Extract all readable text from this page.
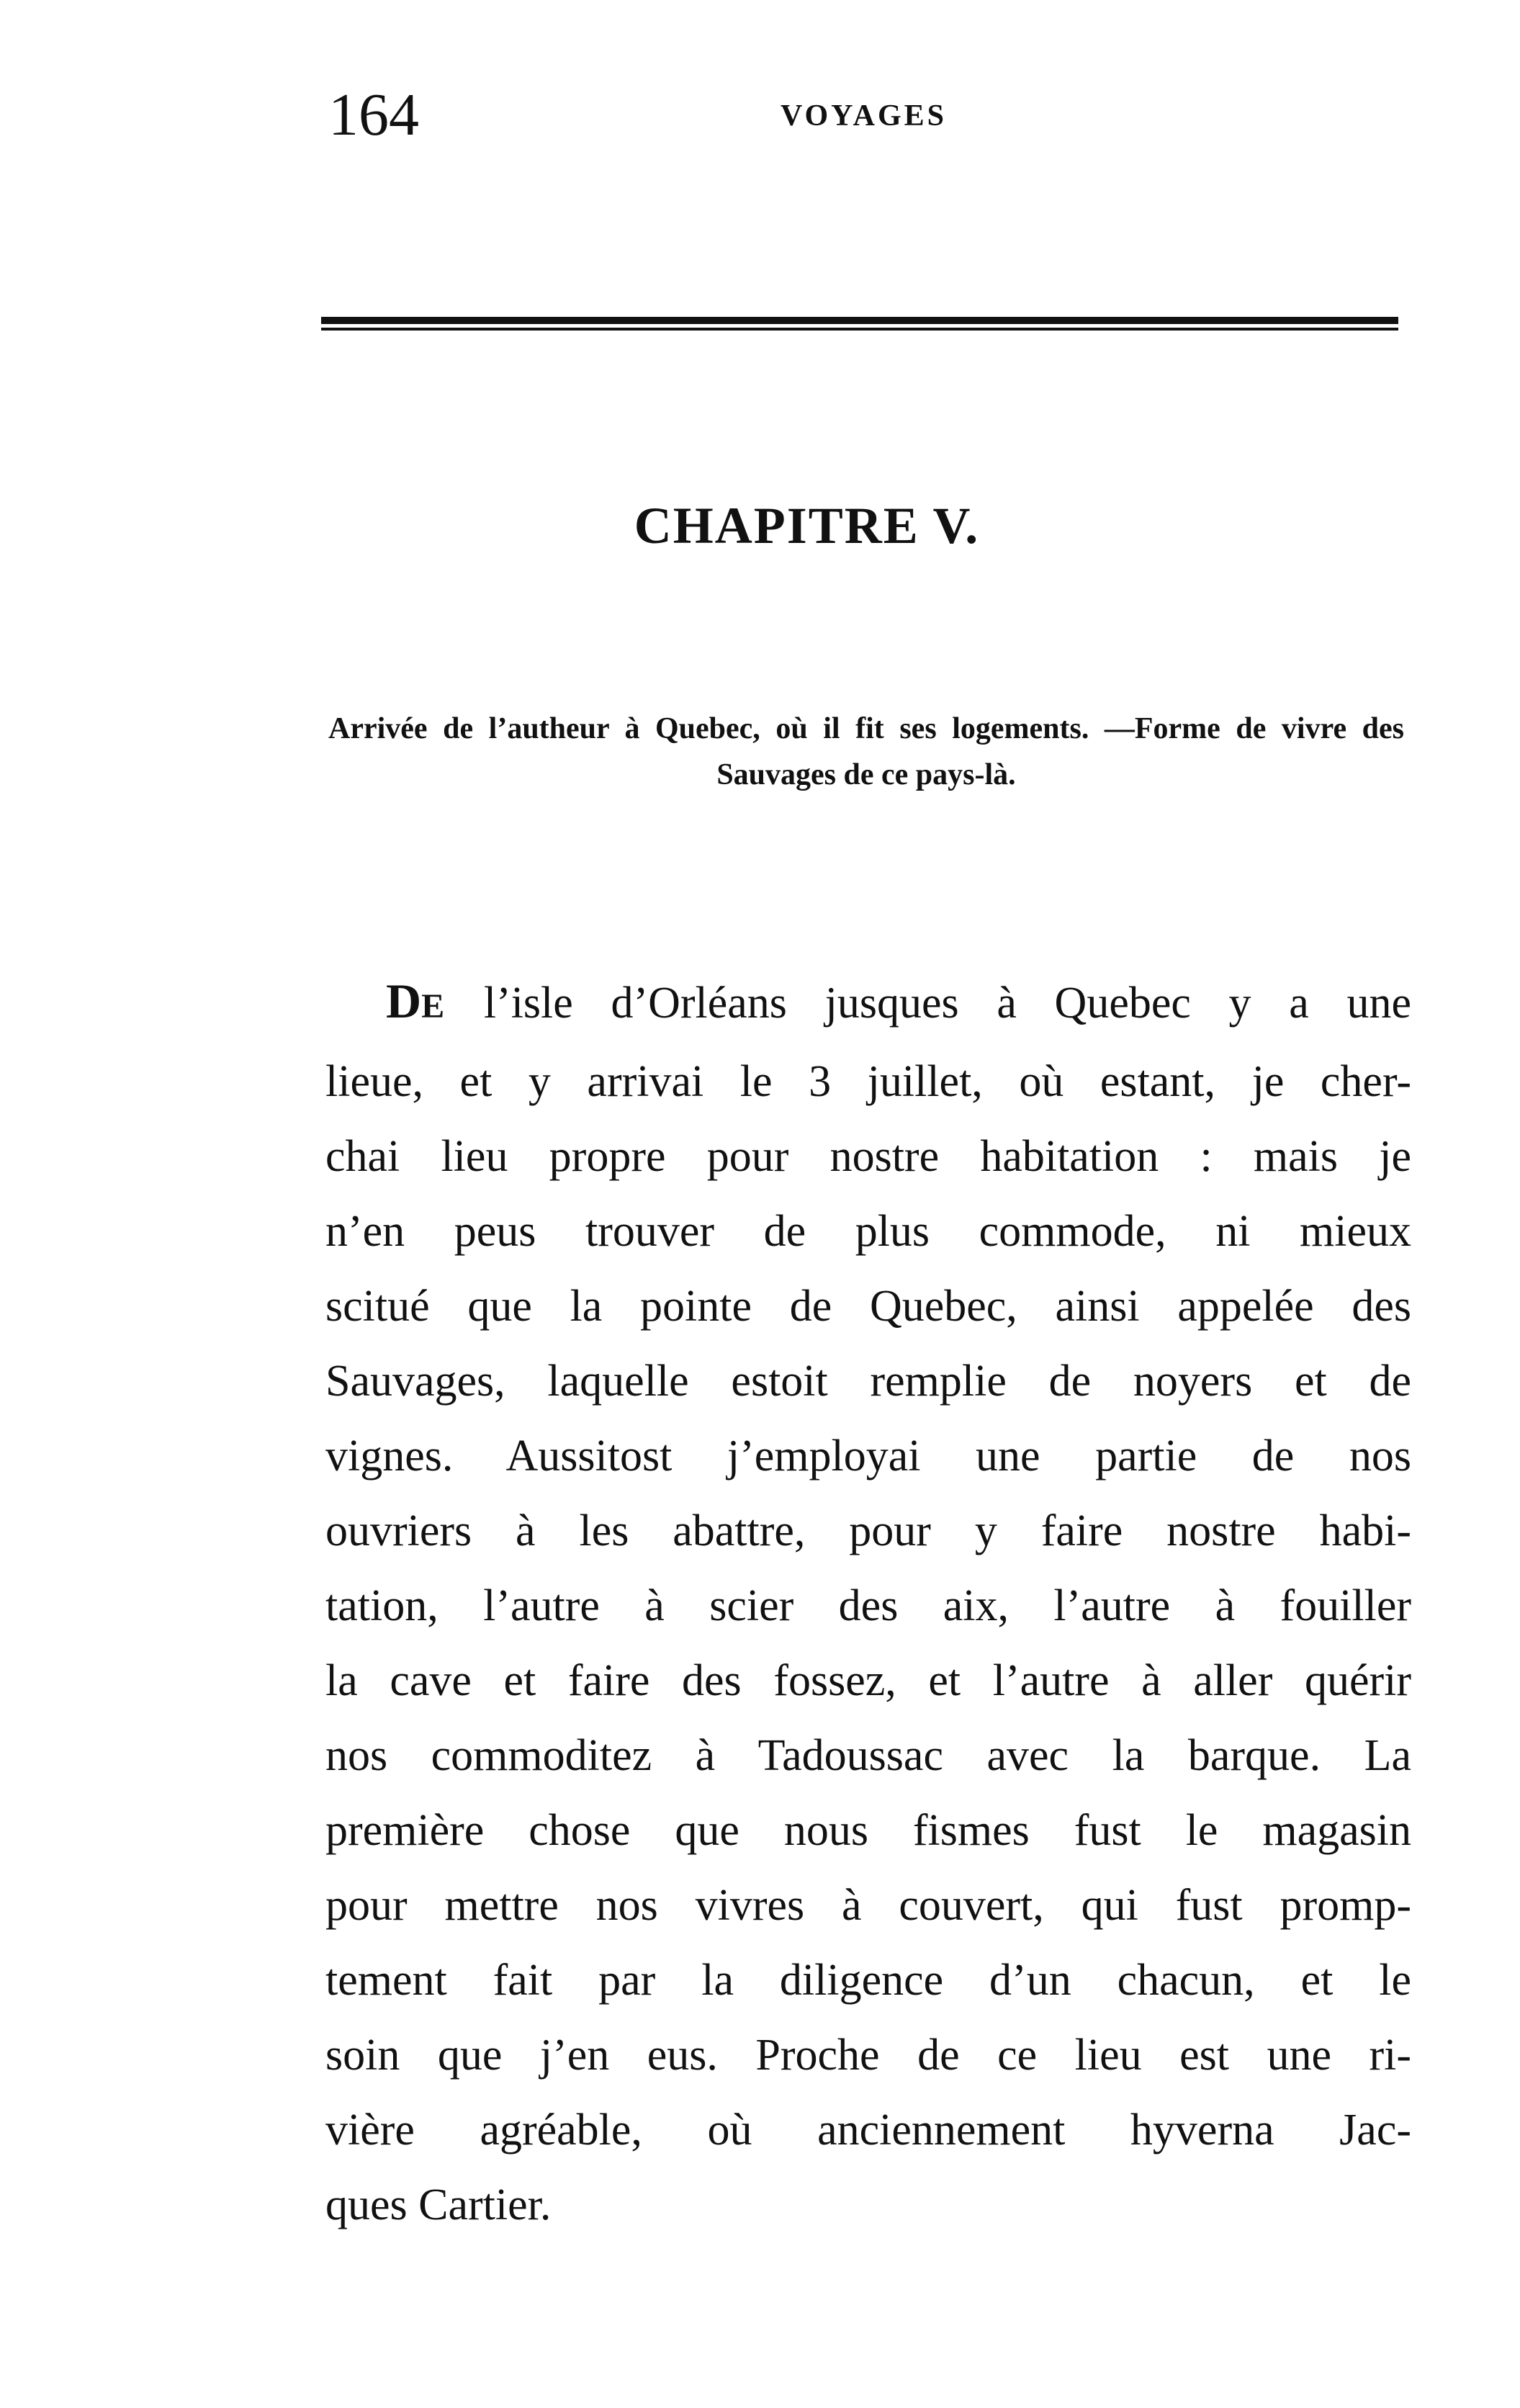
164	VOYAGES
CHAPITRE V.
Arrivée de l’autheur à Quebec, où il fit ses logements. —Forme de vivre des Sauvages de ce pays-là.
DE l’isle d’Orléans jusques à Quebec y a une
lieue, et y arrivai le 3 juillet, où estant, je cher-
chai lieu propre pour nostre habitation : mais je
n’en peus trouver de plus commode, ni mieux
scitué que la pointe de Quebec, ainsi appelée des
Sauvages, laquelle estoit remplie de noyers et de
vignes. Aussitost j’employai une partie de nos
ouvriers à les abattre, pour y faire nostre habi-
tation, l’autre à scier des aix, l’autre à fouiller
la cave et faire des fossez, et l’autre à aller quérir
nos commoditez à Tadoussac avec la barque. La
première chose que nous fismes fust le magasin
pour mettre nos vivres à couvert, qui fust promp-
tement fait par la diligence d’un chacun, et le
soin que j’en eus. Proche de ce lieu est une ri-
vière agréable, où anciennement hyverna Jac-
ques Cartier.
